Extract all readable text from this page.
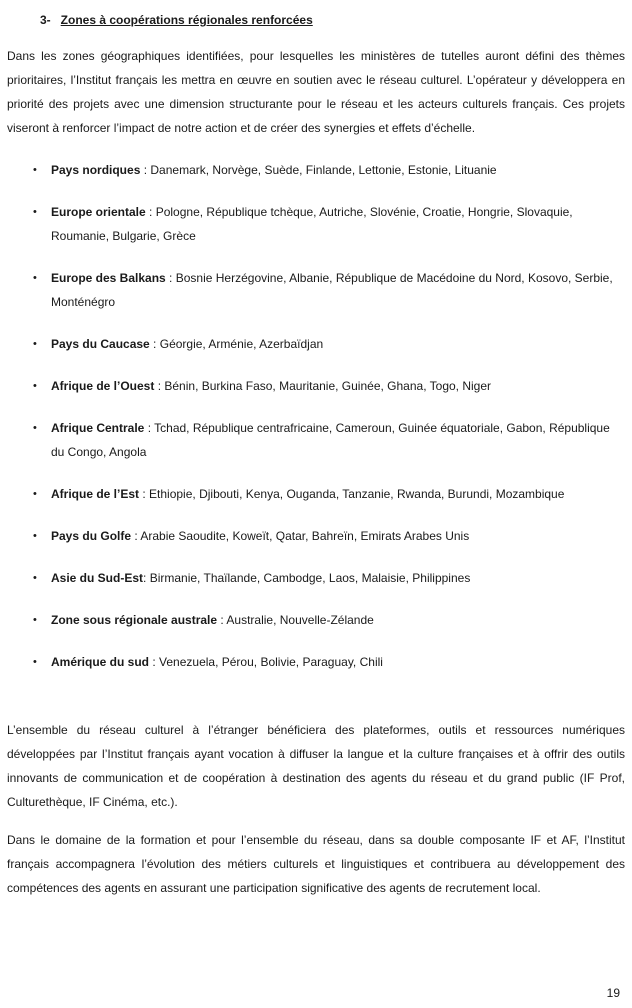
3- Zones à coopérations régionales renforcées

Dans les zones géographiques identifiées, pour lesquelles les ministères de tutelles auront défini des thèmes prioritaires, l’Institut français les mettra en œuvre en soutien avec le réseau culturel. L’opérateur y développera en priorité des projets avec une dimension structurante pour le réseau et les acteurs culturels français. Ces projets viseront à renforcer l’impact de notre action et de créer des synergies et effets d’échelle.

• Pays nordiques : Danemark, Norvège, Suède, Finlande, Lettonie, Estonie, Lituanie
• Europe orientale : Pologne, République tchèque, Autriche, Slovénie, Croatie, Hongrie, Slovaquie, Roumanie, Bulgarie, Grèce
• Europe des Balkans : Bosnie Herzégovine, Albanie, République de Macédoine du Nord, Kosovo, Serbie, Monténégro
• Pays du Caucase : Géorgie, Arménie, Azerbaïdjan
• Afrique de l’Ouest : Bénin, Burkina Faso, Mauritanie, Guinée, Ghana, Togo, Niger
• Afrique Centrale : Tchad, République centrafricaine, Cameroun, Guinée équatoriale, Gabon, République du Congo, Angola
• Afrique de l’Est : Ethiopie, Djibouti, Kenya, Ouganda, Tanzanie, Rwanda, Burundi, Mozambique
• Pays du Golfe : Arabie Saoudite, Koweït, Qatar, Bahreïn, Emirats Arabes Unis
• Asie du Sud-Est: Birmanie, Thaïlande, Cambodge, Laos, Malaisie, Philippines
• Zone sous régionale australe : Australie, Nouvelle-Zélande
• Amérique du sud : Venezuela, Pérou, Bolivie, Paraguay, Chili

L’ensemble du réseau culturel à l’étranger bénéficiera des plateformes, outils et ressources numériques développées par l’Institut français ayant vocation à diffuser la langue et la culture françaises et à offrir des outils innovants de communication et de coopération à destination des agents du réseau et du grand public (IF Prof, Culturethèque, IF Cinéma, etc.).

Dans le domaine de la formation et pour l’ensemble du réseau, dans sa double composante IF et AF, l’Institut français accompagnera l’évolution des métiers culturels et linguistiques et contribuera au développement des compétences des agents en assurant une participation significative des agents de recrutement local.

19
